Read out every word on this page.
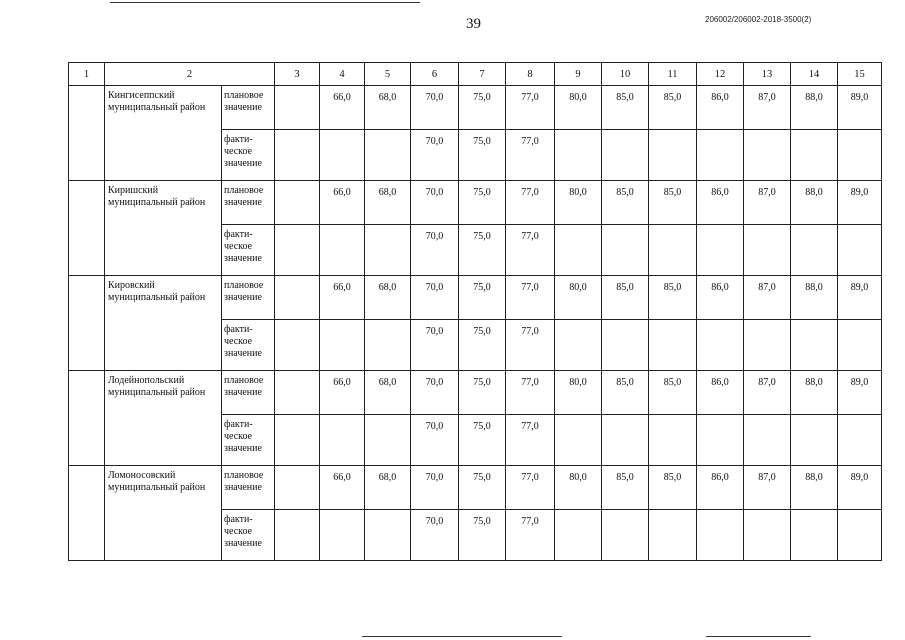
39	206002/206002-2018-3500(2)
1	2		3	4	5	6	7	8	9	10	11	12	13	14	15
	Кингисеппский муниципальный район	плановое значение		66,0	68,0	70,0	75,0	77,0	80,0	85,0	85,0	86,0	87,0	88,0	89,0
		факти-ческое значение				70,0	75,0	77,0							
	Киришский муниципальный район	плановое значение		66,0	68,0	70,0	75,0	77,0	80,0	85,0	85,0	86,0	87,0	88,0	89,0
		факти-ческое значение				70,0	75,0	77,0							
	Кировский муниципальный район	плановое значение		66,0	68,0	70,0	75,0	77,0	80,0	85,0	85,0	86,0	87,0	88,0	89,0
		факти-ческое значение				70,0	75,0	77,0							
	Лодейнопольский муниципальный район	плановое значение		66,0	68,0	70,0	75,0	77,0	80,0	85,0	85,0	86,0	87,0	88,0	89,0
		факти-ческое значение				70,0	75,0	77,0							
	Ломоносовский муниципальный район	плановое значение		66,0	68,0	70,0	75,0	77,0	80,0	85,0	85,0	86,0	87,0	88,0	89,0
		факти-ческое значение				70,0	75,0	77,0							
